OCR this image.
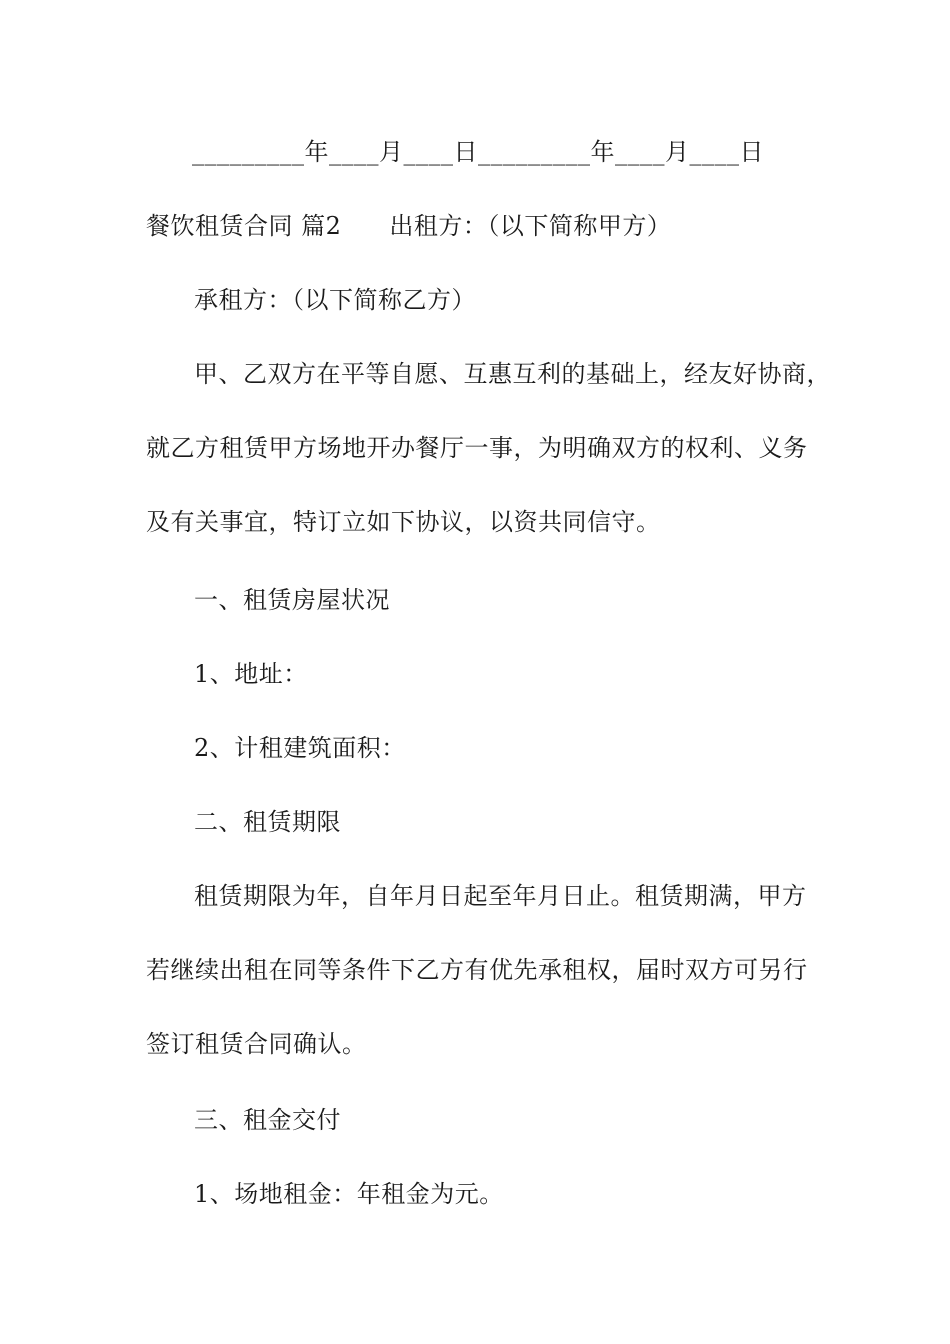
_________年____月____日_________年____月____日
餐饮租赁合同 篇2 出租方：（以下简称甲方）
承租方：（以下简称乙方）
甲、乙双方在平等自愿、互惠互利的基础上，经友好协商，
就乙方租赁甲方场地开办餐厅一事，为明确双方的权利、义务
及有关事宜，特订立如下协议，以资共同信守。
一、租赁房屋状况
1、地址：
2、计租建筑面积：
二、租赁期限
租赁期限为年，自年月日起至年月日止。租赁期满，甲方
若继续出租在同等条件下乙方有优先承租权，届时双方可另行
签订租赁合同确认。
三、租金交付
1、场地租金：年租金为元。
